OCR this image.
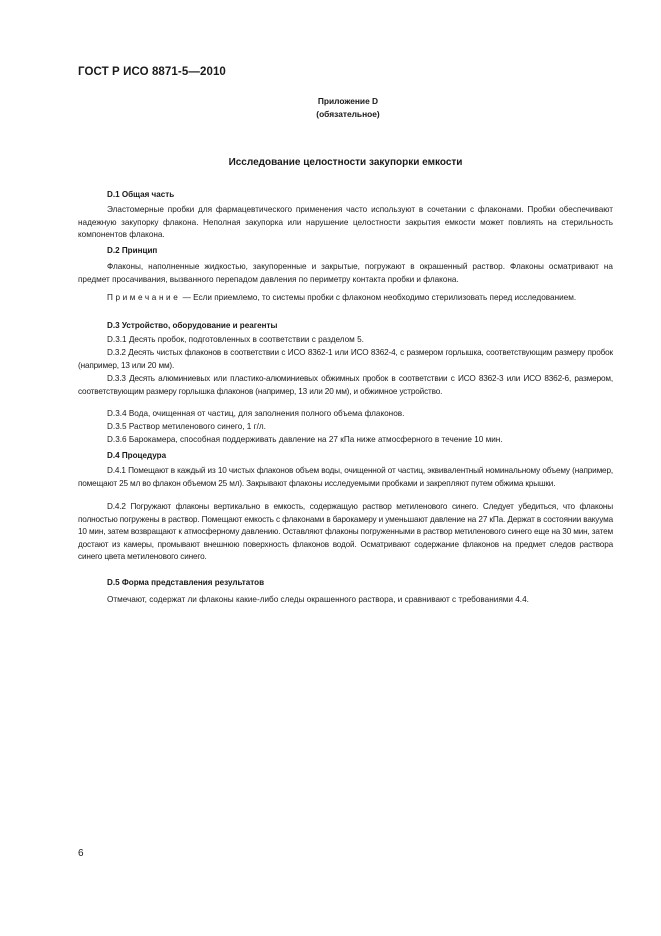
ГОСТ Р ИСО 8871-5—2010
Приложение D
(обязательное)
Исследование целостности закупорки емкости
D.1 Общая часть
Эластомерные пробки для фармацевтического применения часто используют в сочетании с флаконами. Пробки обеспечивают надежную закупорку флакона. Неполная закупорка или нарушение целостности закрытия емкости может повлиять на стерильность компонентов флакона.
D.2 Принцип
Флаконы, наполненные жидкостью, закупоренные и закрытые, погружают в окрашенный раствор. Флаконы осматривают на предмет просачивания, вызванного перепадом давления по периметру контакта пробки и флакона.
Примечание — Если приемлемо, то системы пробки с флаконом необходимо стерилизовать перед исследованием.
D.3 Устройство, оборудование и реагенты
D.3.1 Десять пробок, подготовленных в соответствии с разделом 5.
D.3.2 Десять чистых флаконов в соответствии с ИСО 8362-1 или ИСО 8362-4, с размером горлышка, соответствующим размеру пробок (например, 13 или 20 мм).
D.3.3 Десять алюминиевых или пластико-алюминиевых обжимных пробок в соответствии с ИСО 8362-3 или ИСО 8362-6, размером, соответствующим размеру горлышка флаконов (например, 13 или 20 мм), и обжимное устройство.
D.3.4 Вода, очищенная от частиц, для заполнения полного объема флаконов.
D.3.5 Раствор метиленового синего, 1 г/л.
D.3.6 Барокамера, способная поддерживать давление на 27 кПа ниже атмосферного в течение 10 мин.
D.4 Процедура
D.4.1 Помещают в каждый из 10 чистых флаконов объем воды, очищенной от частиц, эквивалентный номинальному объему (например, помещают 25 мл во флакон объемом 25 мл). Закрывают флаконы исследуемыми пробками и закрепляют путем обжима крышки.
D.4.2 Погружают флаконы вертикально в емкость, содержащую раствор метиленового синего. Следует убедиться, что флаконы полностью погружены в раствор. Помещают емкость с флаконами в барокамеру и уменьшают давление на 27 кПа. Держат в состоянии вакуума 10 мин, затем возвращают к атмосферному давлению. Оставляют флаконы погруженными в раствор метиленового синего еще на 30 мин, затем достают из камеры, промывают внешнюю поверхность флаконов водой. Осматривают содержание флаконов на предмет следов раствора синего цвета метиленового синего.
D.5 Форма представления результатов
Отмечают, содержат ли флаконы какие-либо следы окрашенного раствора, и сравнивают с требованиями 4.4.
6
